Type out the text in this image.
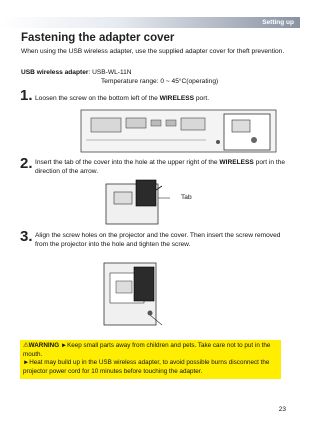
Setting up
Fastening the adapter cover
When using the USB wireless adapter, use the supplied adapter cover for theft prevention.
USB wireless adapter: USB-WL-11N
Temperature range: 0 ~ 45°C(operating)
1. Loosen the screw on the bottom left of the WIRELESS port.
2. Insert the tab of the cover into the hole at the upper right of the WIRELESS port in the direction of the arrow.
Tab
3. Align the screw holes on the projector and the cover. Then insert the screw removed from the projector into the hole and tighten the screw.
⚠WARNING ►Keep small parts away from children and pets. Take care not to put in the mouth.
►Heat may build up in the USB wireless adapter, to avoid possible burns disconnect the projector power cord for 10 minutes before touching the adapter.
23
